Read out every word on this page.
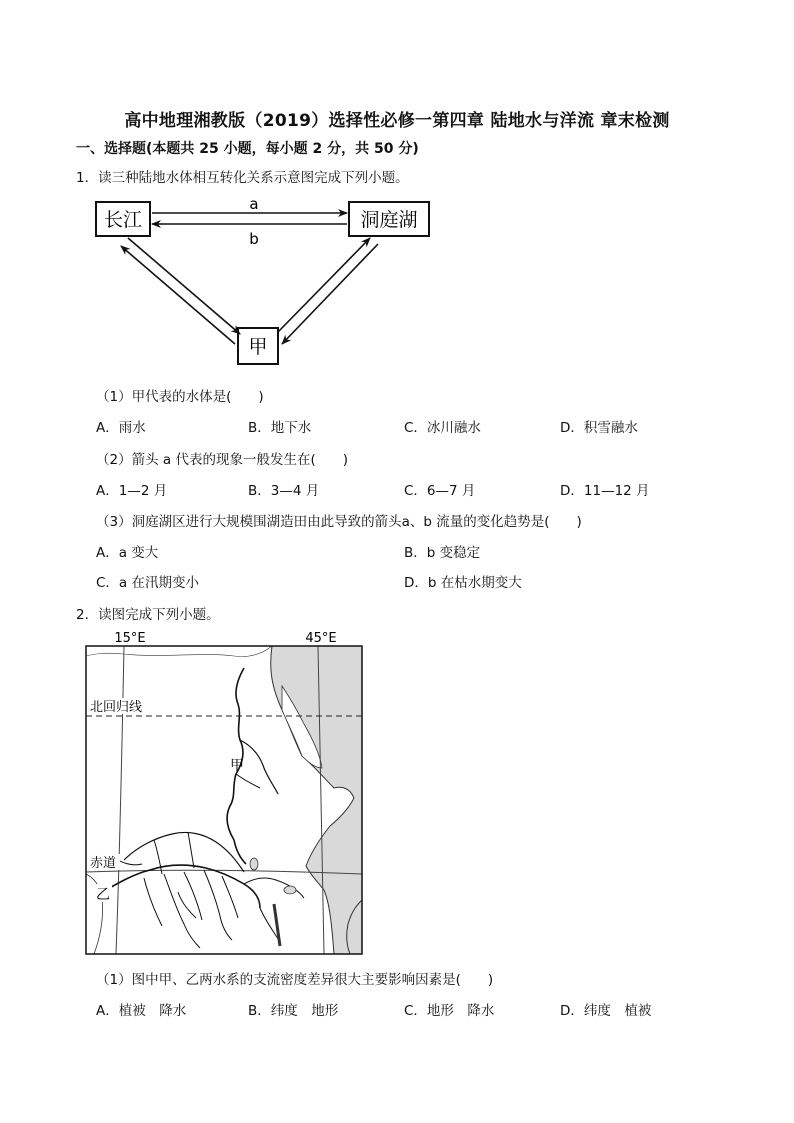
高中地理湘教版（2019）选择性必修一第四章 陆地水与洋流 章末检测
一、选择题(本题共 25 小题，每小题 2 分，共 50 分)
1．读三种陆地水体相互转化关系示意图完成下列小题。
长江	洞庭湖
甲
a
b
（1）甲代表的水体是(　　)
A．雨水	B．地下水	C．冰川融水	D．积雪融水
（2）箭头 a 代表的现象一般发生在(　　)
A．1—2 月	B．3—4 月	C．6—7 月	D．11—12 月
（3）洞庭湖区进行大规模围湖造田由此导致的箭头a、b 流量的变化趋势是(　　)
A．a 变大	B．b 变稳定
C．a 在汛期变小	D．b 在枯水期变大
2．读图完成下列小题。
15°E	45°E
北回归线
赤道
甲
乙
（1）图中甲、乙两水系的支流密度差异很大主要影响因素是(　　)
A．植被　降水	B．纬度　地形	C．地形　降水	D．纬度　植被
